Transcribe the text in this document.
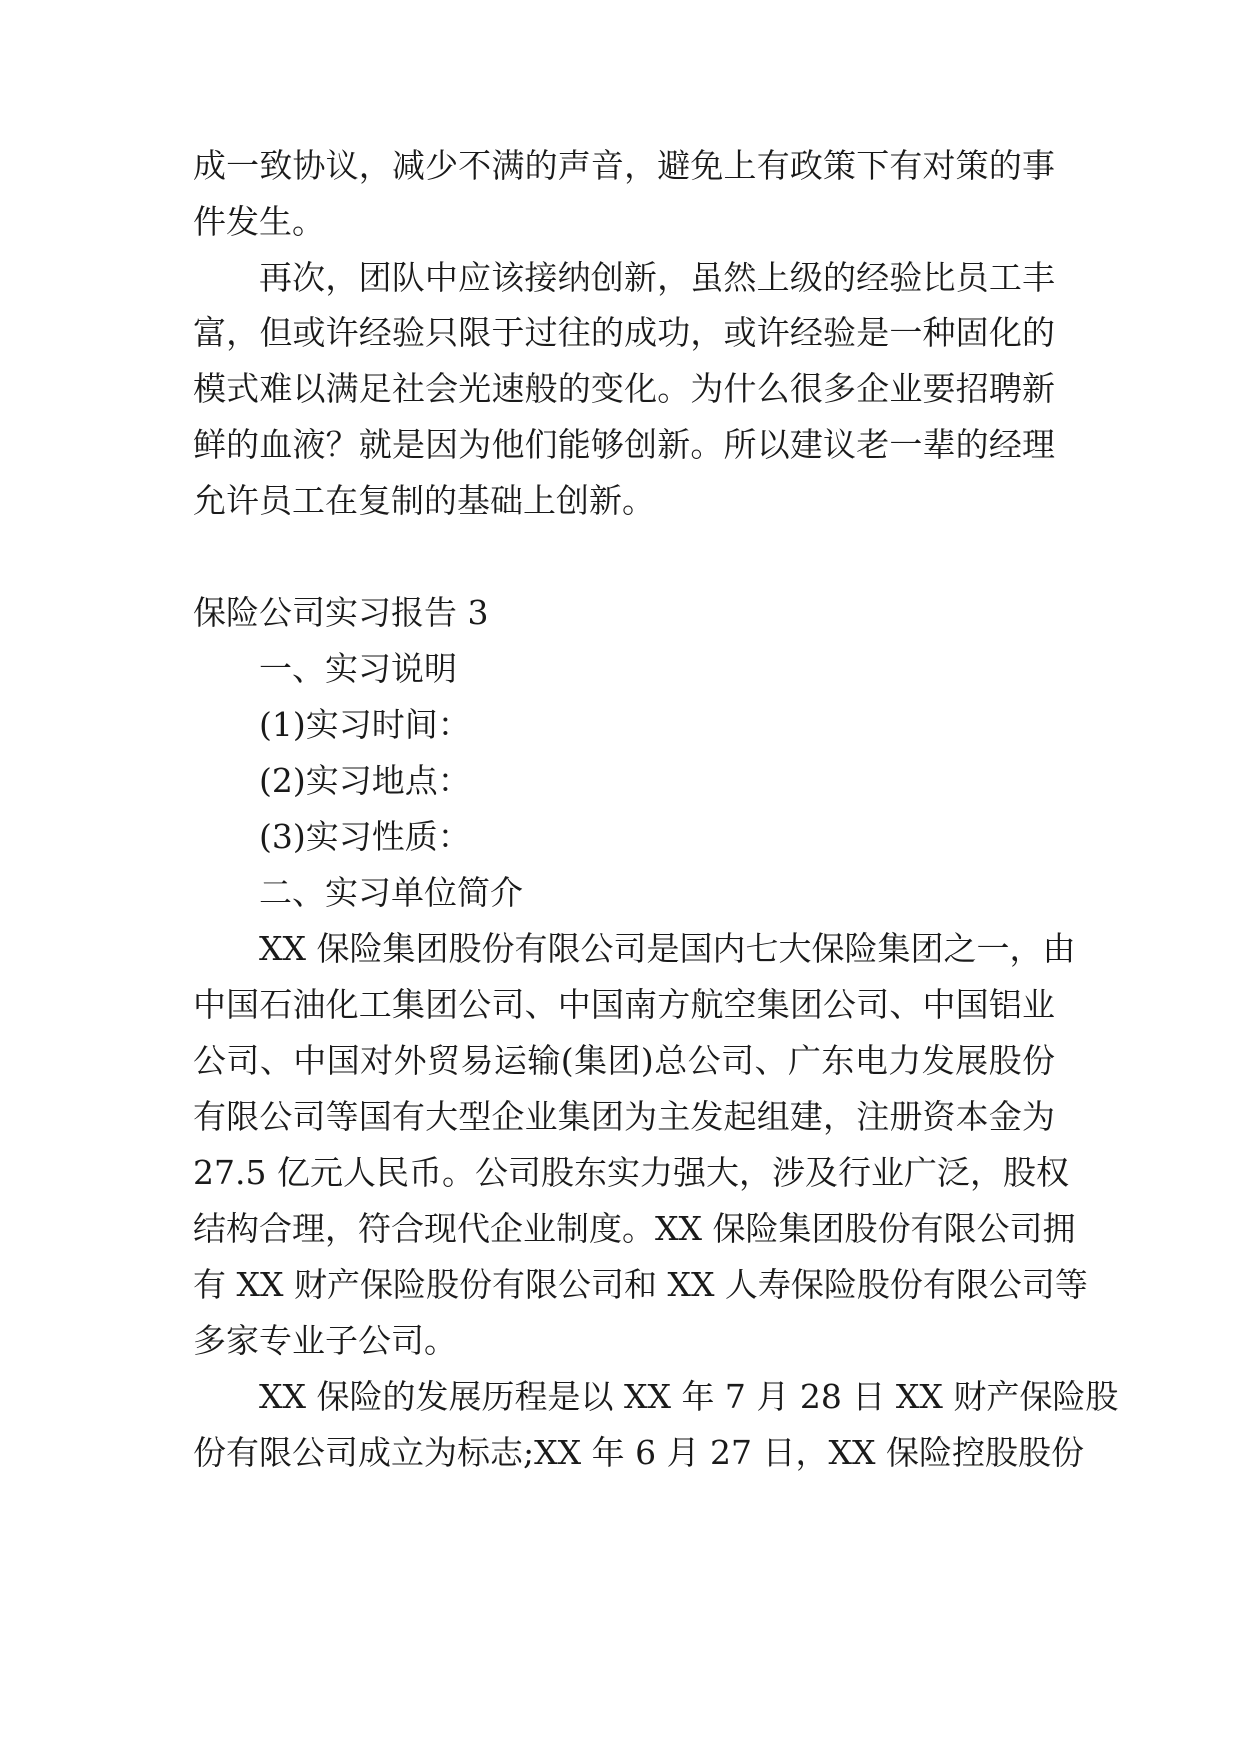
成一致协议，减少不满的声音，避免上有政策下有对策的事

件发生。

再次，团队中应该接纳创新，虽然上级的经验比员工丰

富，但或许经验只限于过往的成功，或许经验是一种固化的

模式难以满足社会光速般的变化。为什么很多企业要招聘新

鲜的血液？就是因为他们能够创新。所以建议老一辈的经理

允许员工在复制的基础上创新。

保险公司实习报告 3

一、实习说明

(1)实习时间：

(2)实习地点：

(3)实习性质：

二、实习单位简介

XX 保险集团股份有限公司是国内七大保险集团之一，由

中国石油化工集团公司、中国南方航空集团公司、中国铝业

公司、中国对外贸易运输(集团)总公司、广东电力发展股份

有限公司等国有大型企业集团为主发起组建，注册资本金为

27.5 亿元人民币。公司股东实力强大，涉及行业广泛，股权

结构合理，符合现代企业制度。XX 保险集团股份有限公司拥

有 XX 财产保险股份有限公司和 XX 人寿保险股份有限公司等

多家专业子公司。

XX 保险的发展历程是以 XX 年 7 月 28 日 XX 财产保险股

份有限公司成立为标志;XX 年 6 月 27 日，XX 保险控股股份
